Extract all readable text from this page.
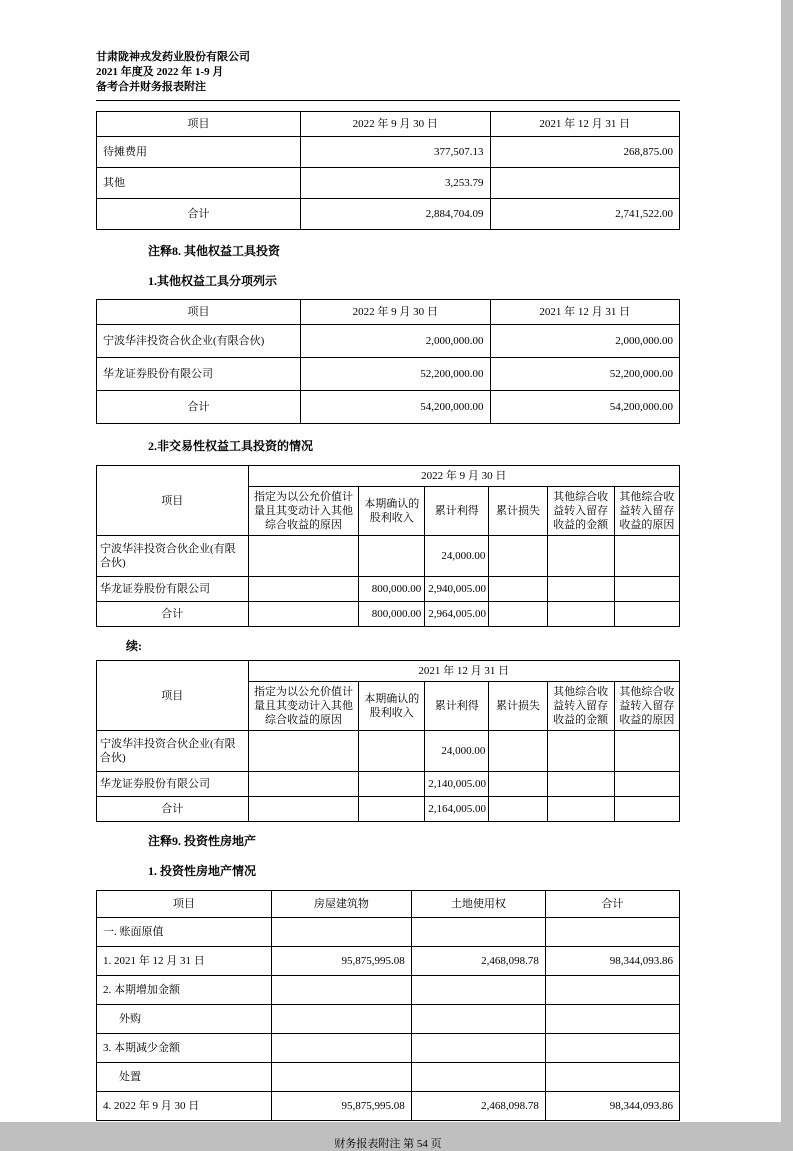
甘肃陇神戎发药业股份有限公司
2021 年度及 2022 年 1-9 月
备考合并财务报表附注
项目	2022 年 9 月 30 日	2021 年 12 月 31 日
待摊费用	377,507.13	268,875.00
其他	3,253.79	
合计	2,884,704.09	2,741,522.00
注释8. 其他权益工具投资
1.其他权益工具分项列示
项目	2022 年 9 月 30 日	2021 年 12 月 31 日
宁波华沣投资合伙企业(有限合伙)	2,000,000.00	2,000,000.00
华龙证券股份有限公司	52,200,000.00	52,200,000.00
合计	54,200,000.00	54,200,000.00
2.非交易性权益工具投资的情况
项目	2022 年 9 月 30 日					
	指定为以公允价值计量且其变动计入其他综合收益的原因	本期确认的股利收入	累计利得	累计损失	其他综合收益转入留存收益的金额	其他综合收益转入留存收益的原因
宁波华沣投资合伙企业(有限合伙)			24,000.00			
华龙证券股份有限公司		800,000.00	2,940,005.00			
合计		800,000.00	2,964,005.00			
续:
项目	2021 年 12 月 31 日					
	指定为以公允价值计量且其变动计入其他综合收益的原因	本期确认的股利收入	累计利得	累计损失	其他综合收益转入留存收益的金额	其他综合收益转入留存收益的原因
宁波华沣投资合伙企业(有限合伙)			24,000.00			
华龙证券股份有限公司			2,140,005.00			
合计			2,164,005.00			
注释9. 投资性房地产
1. 投资性房地产情况
项目	房屋建筑物	土地使用权	合计
一. 账面原值			
1. 2021 年 12 月 31 日	95,875,995.08	2,468,098.78	98,344,093.86
2. 本期增加金额			
外购			
3. 本期减少金额			
处置			
4. 2022 年 9 月 30 日	95,875,995.08	2,468,098.78	98,344,093.86
财务报表附注 第 54 页
